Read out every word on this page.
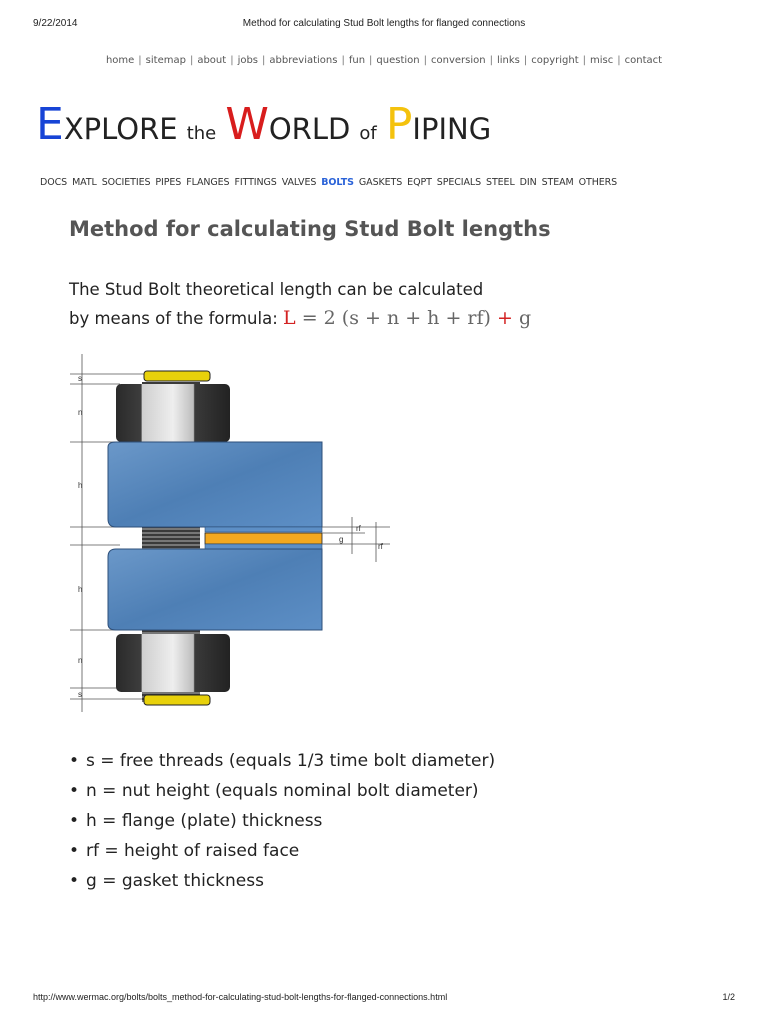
9/22/2014	Method for calculating Stud Bolt lengths for flanged connections
home | sitemap | about | jobs | abbreviations | fun | question | conversion | links | copyright | misc | contact
EXPLORE the WORLD of PIPING
DOCS MATL SOCIETIES PIPES FLANGES FITTINGS VALVES BOLTS GASKETS EQPT SPECIALS STEEL DIN STEAM OTHERS
Method for calculating Stud Bolt lengths
The Stud Bolt theoretical length can be calculated
by means of the formula: L = 2 (s + n + h + rf) + g
s
n
h
h
n
s
rf
g
rf
• s = free threads (equals 1/3 time bolt diameter)
• n = nut height (equals nominal bolt diameter)
• h = flange (plate) thickness
• rf = height of raised face
• g = gasket thickness
http://www.wermac.org/bolts/bolts_method-for-calculating-stud-bolt-lengths-for-flanged-connections.html	1/2
